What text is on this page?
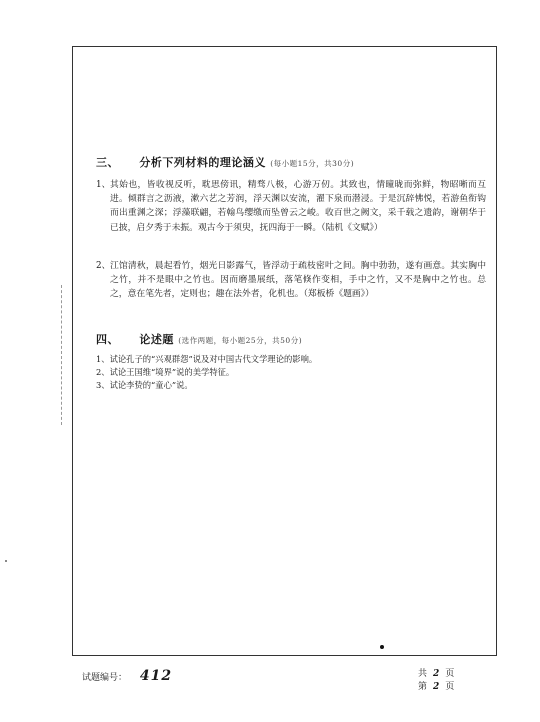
三、 分析下列材料的理论涵义 (每小题15分，共30分)
1、 其始也，皆收视反听，耽思傍讯，精骛八极，心游万仞。其致也，情曈昽而弥鲜，物昭晰而互进。倾群言之沥液，漱六艺之芳润，浮天渊以安流，濯下泉而潜浸。于是沉辞怫悦，若游鱼衔钩而出重渊之深；浮藻联翩，若翰鸟缨缴而坠曾云之峻。收百世之阙文，采千载之遗韵，谢朝华于已披，启夕秀于未振。观古今于须臾，抚四海于一瞬。（陆机《文赋》）
2、 江馆清秋，晨起看竹，烟光日影露气，皆浮动于疏枝密叶之间。胸中勃勃，遂有画意。其实胸中之竹，并不是眼中之竹也。因而磨墨展纸，落笔倏作变相，手中之竹，又不是胸中之竹也。总之，意在笔先者，定则也；趣在法外者，化机也。（郑板桥《题画》）
四、 论述题 (选作两题，每小题25分，共50分)
1、试论孔子的“兴观群怨”说及对中国古代文学理论的影响。
2、试论王国维“境界”说的美学特征。
3、试论李贽的“童心”说。
试题编号： 412	共 2 页
第 2 页
